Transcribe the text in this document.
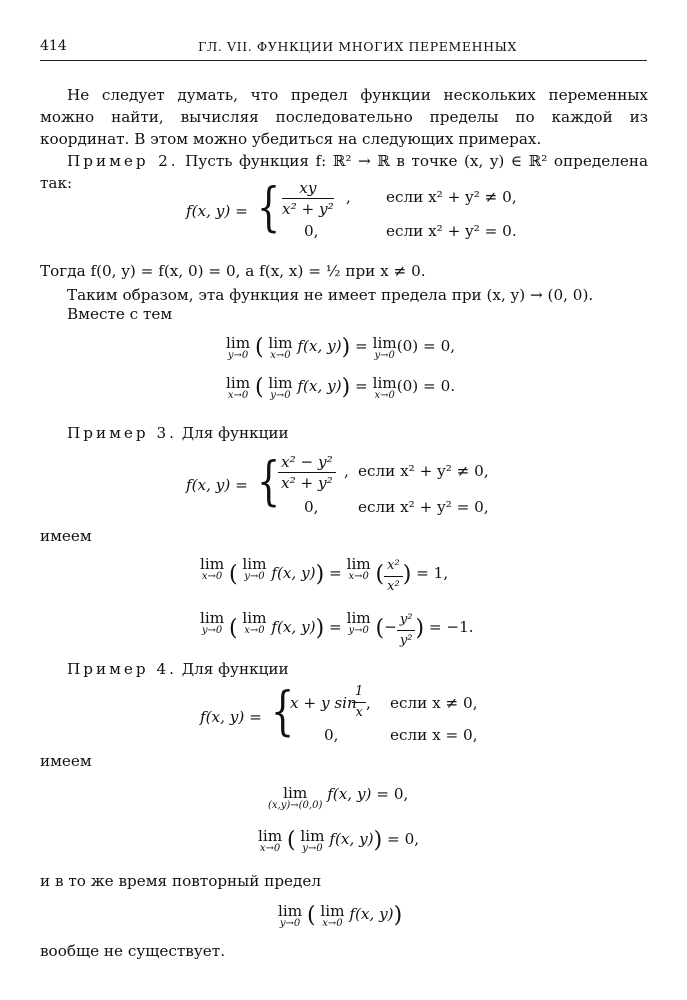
414	ГЛ. VII. ФУНКЦИИ МНОГИХ ПЕРЕМЕННЫХ
Не следует думать, что предел функции нескольких переменных можно найти, вычисляя последовательно пределы по каждой из координат. В этом можно убедиться на следующих примерах.
Пример 2. Пусть функция f: ℝ² → ℝ в точке (x, y) ∈ ℝ² определена так:
f(x, y) = { $\frac{xy}{\text{x² + y²}}$ , если x² + y² ≠ 0,
0,	если x² + y² = 0.
Тогда f(0, y) = f(x, 0) = 0, а f(x, x) = ½ при x ≠ 0.
Таким образом, эта функция не имеет предела при (x, y) → (0, 0).
Вместе с тем
lim
y→0 ( lim
x→0
f(x, y)) = lim
y→0
(0) = 0,
lim
x→0 ( lim
y→0
f(x, y)) = lim
x→0
(0) = 0.
Пример 3. Для функции
f(x, y) = {
$\frac{\text{x² − y²}}{\text{x² + y²}}$ , если x² + y² ≠ 0,
0,	если x² + y² = 0,
имеем
lim
x→0 ( lim
y→0 f(x, y)) = lim
x→0 ( $\frac{\text{x²}}{\text{x²}}$ ) = 1,
lim
y→0 ( lim
x→0 f(x, y)) = lim
y→0 (− $\frac{\text{y²}}{\text{y²}}$ ) = −1.
Пример 4. Для функции
f(x, y) = {
x + y sin
$\frac{1}{x}$ , если x ≠ 0,
0,	если x = 0,
имеем
lim
(x,y)→(0,0)
f(x, y) = 0,
lim
x→0 ( lim
y→0
f(x, y)) = 0,
и в то же время повторный предел
lim
y→0 ( lim
x→0
f(x, y))
вообще не существует.
